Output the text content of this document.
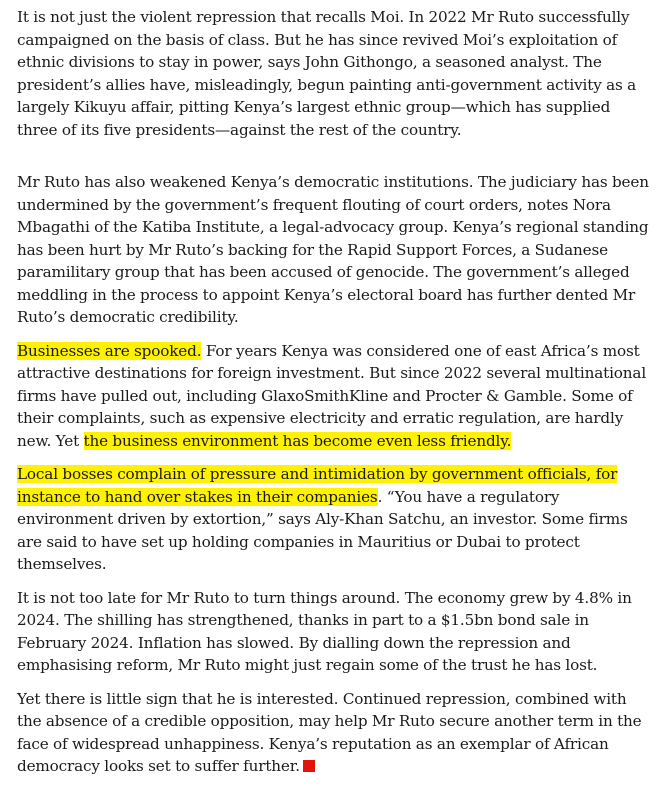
It is not just the violent repression that recalls Moi. In 2022 Mr Ruto successfully campaigned on the basis of class. But he has since revived Moi’s exploitation of ethnic divisions to stay in power, says John Githongo, a seasoned analyst. The president’s allies have, misleadingly, begun painting anti-government activity as a largely Kikuyu affair, pitting Kenya’s largest ethnic group—which has supplied three of its five presidents—against the rest of the country.

Mr Ruto has also weakened Kenya’s democratic institutions. The judiciary has been undermined by the government’s frequent flouting of court orders, notes Nora Mbagathi of the Katiba Institute, a legal-advocacy group. Kenya’s regional standing has been hurt by Mr Ruto’s backing for the Rapid Support Forces, a Sudanese paramilitary group that has been accused of genocide. The government’s alleged meddling in the process to appoint Kenya’s electoral board has further dented Mr Ruto’s democratic credibility.

Businesses are spooked. For years Kenya was considered one of east Africa’s most attractive destinations for foreign investment. But since 2022 several multinational firms have pulled out, including GlaxoSmithKline and Procter & Gamble. Some of their complaints, such as expensive electricity and erratic regulation, are hardly new. Yet the business environment has become even less friendly.

Local bosses complain of pressure and intimidation by government officials, for instance to hand over stakes in their companies. “You have a regulatory environment driven by extortion,” says Aly-Khan Satchu, an investor. Some firms are said to have set up holding companies in Mauritius or Dubai to protect themselves.

It is not too late for Mr Ruto to turn things around. The economy grew by 4.8% in 2024. The shilling has strengthened, thanks in part to a $1.5bn bond sale in February 2024. Inflation has slowed. By dialling down the repression and emphasising reform, Mr Ruto might just regain some of the trust he has lost.

Yet there is little sign that he is interested. Continued repression, combined with the absence of a credible opposition, may help Mr Ruto secure another term in the face of widespread unhappiness. Kenya’s reputation as an exemplar of African democracy looks set to suffer further.
